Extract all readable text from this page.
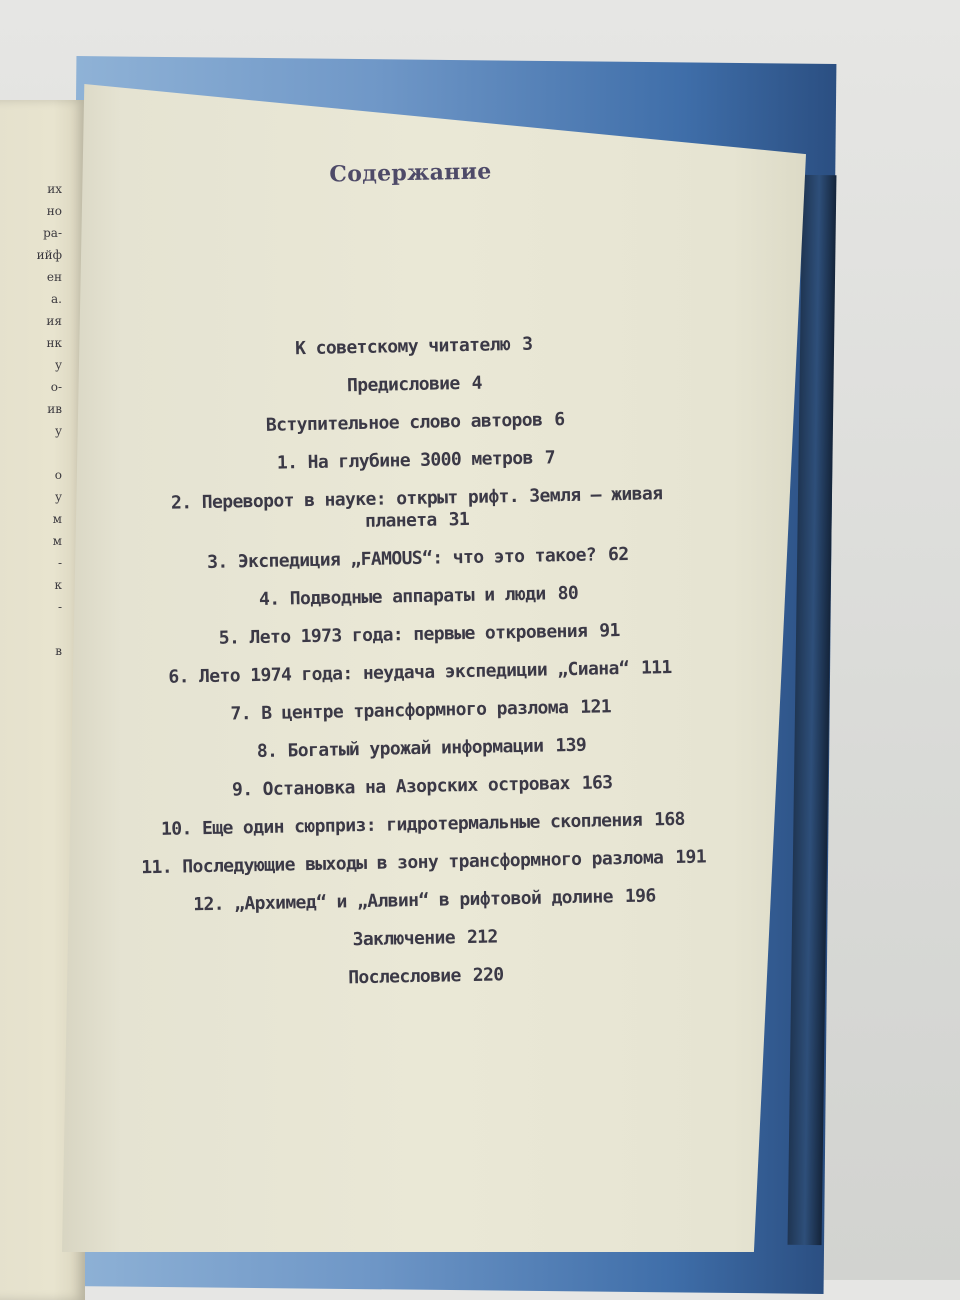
их
но
ра-
ийф
ен
а.
ия
нк
у
о-
ив
у
о
у
м
м
-
к
-
в
Содержание
К советскому читателю 3
Предисловие 4
Вступительное слово авторов 6
1. На глубине 3000 метров 7
2. Переворот в науке: открыт рифт. Земля — живая планета 31
3. Экспедиция „FAMOUS“: что это такое? 62
4. Подводные аппараты и люди 80
5. Лето 1973 года: первые откровения 91
6. Лето 1974 года: неудача экспедиции „Сиана“ 111
7. В центре трансформного разлома 121
8. Богатый урожай информации 139
9. Остановка на Азорских островах 163
10. Еще один сюрприз: гидротермальные скопления 168
11. Последующие выходы в зону трансформного разлома 191
12. „Архимед“ и „Алвин“ в рифтовой долине 196
Заключение 212
Послесловие 220
